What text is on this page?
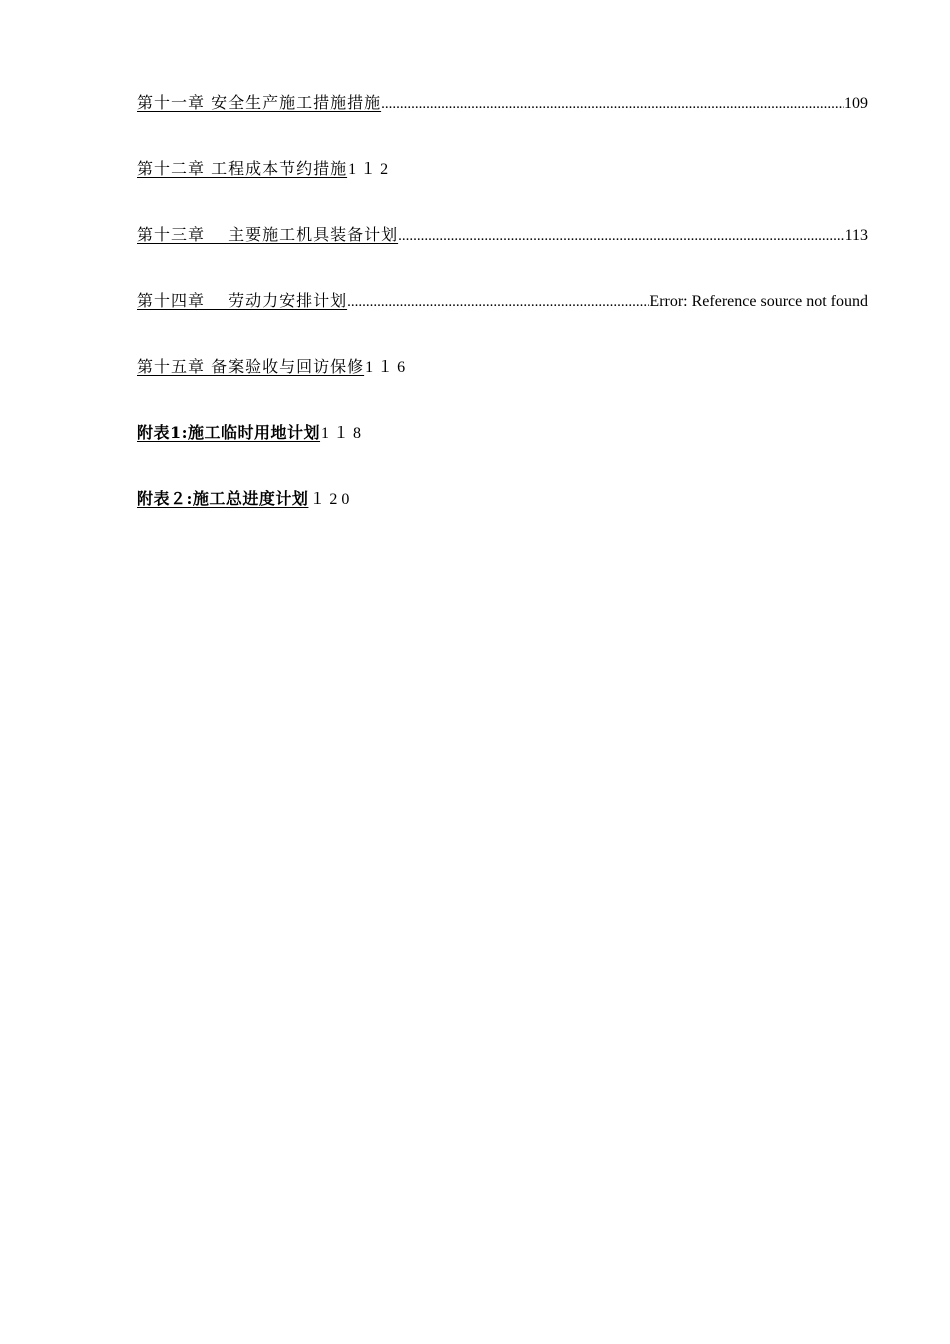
第十一章 安全生产施工措施措施 .....	109
第十二章 工程成本节约措施 1１2
第十三章　 主要施工机具装备计划 .....	113
第十四章　 劳动力安排计划 .....	Error: Reference source not found
第十五章 备案验收与回访保修 1１6
附表1:施工临时用地计划 1１8
附表２:施工总进度计划 １20
